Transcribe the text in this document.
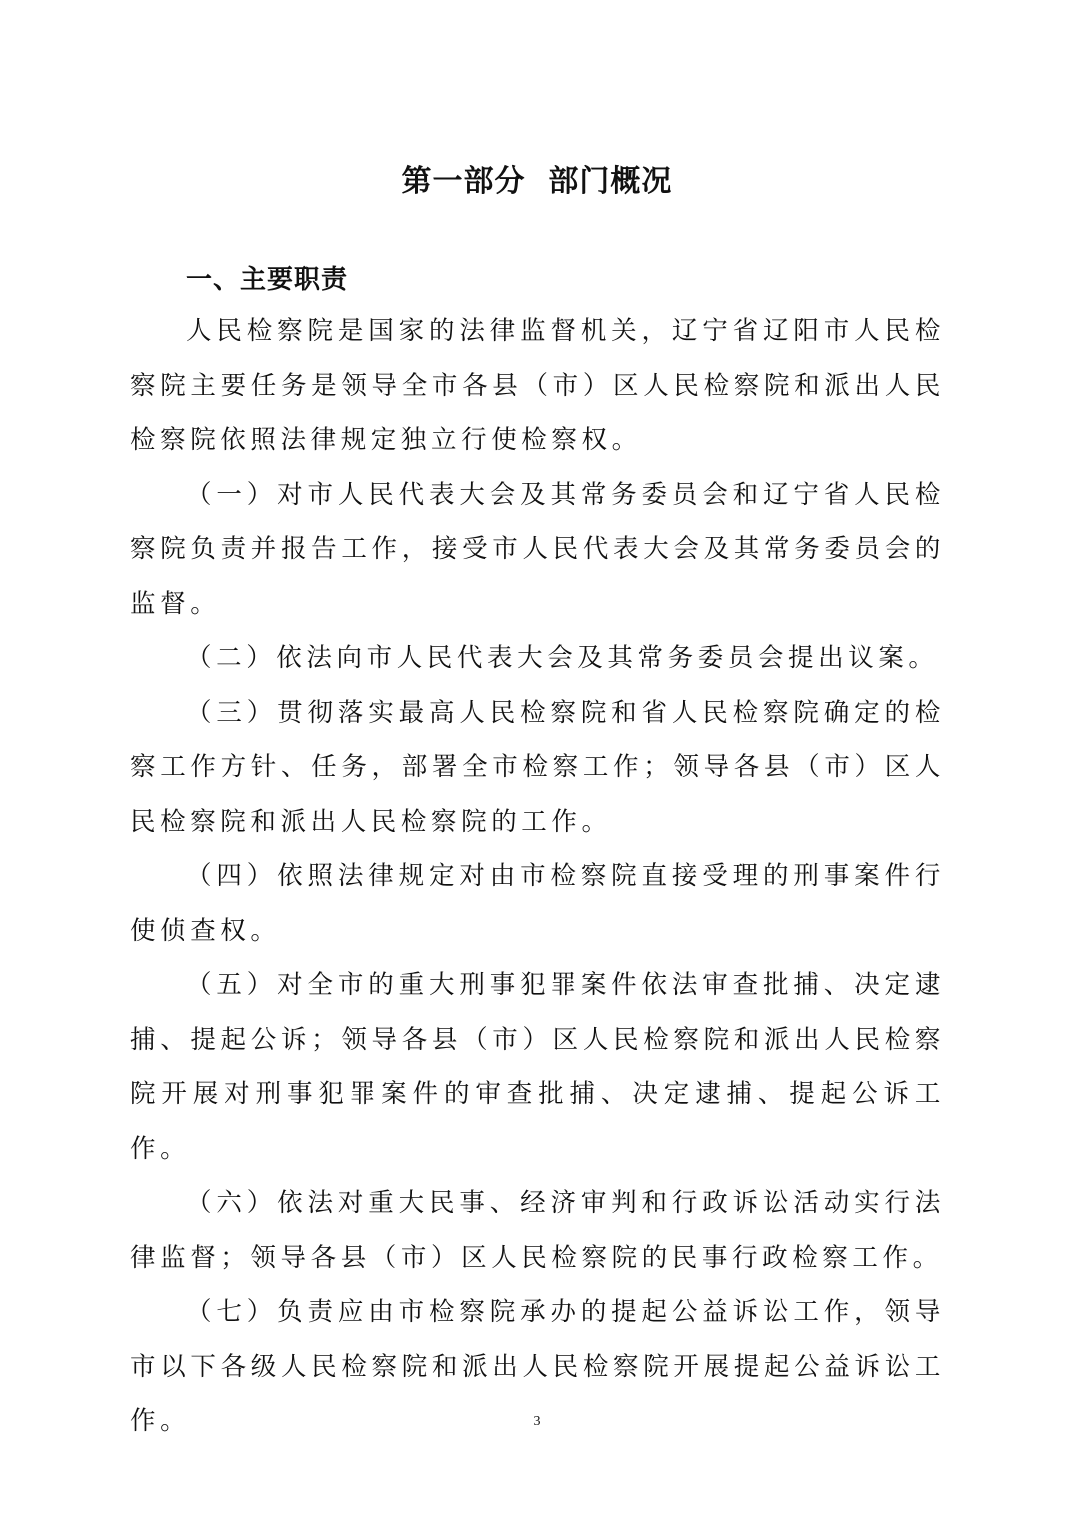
第一部分  部门概况
一、主要职责

人民检察院是国家的法律监督机关，辽宁省辽阳市人民检察院主要任务是领导全市各县（市）区人民检察院和派出人民检察院依照法律规定独立行使检察权。

（一）对市人民代表大会及其常务委员会和辽宁省人民检察院负责并报告工作，接受市人民代表大会及其常务委员会的监督。

（二）依法向市人民代表大会及其常务委员会提出议案。

（三）贯彻落实最高人民检察院和省人民检察院确定的检察工作方针、任务，部署全市检察工作；领导各县（市）区人民检察院和派出人民检察院的工作。

（四）依照法律规定对由市检察院直接受理的刑事案件行使侦查权。

（五）对全市的重大刑事犯罪案件依法审查批捕、决定逮捕、提起公诉；领导各县（市）区人民检察院和派出人民检察院开展对刑事犯罪案件的审查批捕、决定逮捕、提起公诉工作。

（六）依法对重大民事、经济审判和行政诉讼活动实行法律监督；领导各县（市）区人民检察院的民事行政检察工作。

（七）负责应由市检察院承办的提起公益诉讼工作，领导市以下各级人民检察院和派出人民检察院开展提起公益诉讼工作。	3
